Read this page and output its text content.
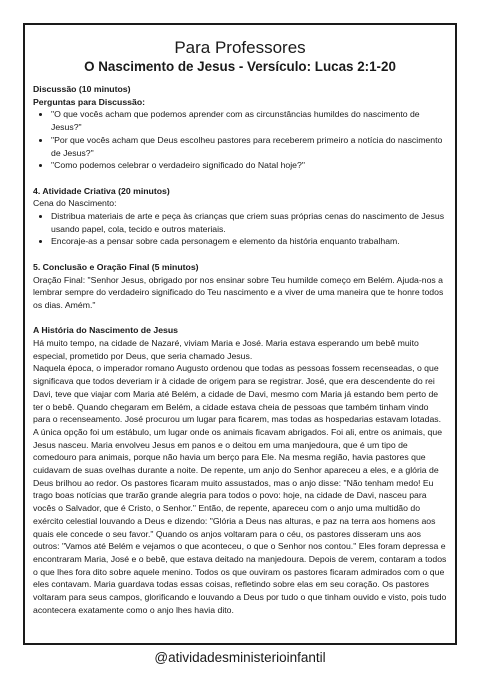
Para Professores
O Nascimento de Jesus - Versículo: Lucas 2:1-20
Discussão (10 minutos)
Perguntas para Discussão:
• "O que vocês acham que podemos aprender com as circunstâncias humildes do nascimento de Jesus?"
• "Por que vocês acham que Deus escolheu pastores para receberem primeiro a notícia do nascimento de Jesus?"
• "Como podemos celebrar o verdadeiro significado do Natal hoje?"
4. Atividade Criativa (20 minutos)
Cena do Nascimento:
• Distribua materiais de arte e peça às crianças que criem suas próprias cenas do nascimento de Jesus usando papel, cola, tecido e outros materiais.
• Encoraje-as a pensar sobre cada personagem e elemento da história enquanto trabalham.
5. Conclusão e Oração Final (5 minutos)

Oração Final: "Senhor Jesus, obrigado por nos ensinar sobre Teu humilde começo em Belém. Ajuda-nos a lembrar sempre do verdadeiro significado do Teu nascimento e a viver de uma maneira que te honre todos os dias. Amém."

A História do Nascimento de Jesus

Há muito tempo, na cidade de Nazaré, viviam Maria e José. Maria estava esperando um bebê muito especial, prometido por Deus, que seria chamado Jesus.

Naquela época, o imperador romano Augusto ordenou que todas as pessoas fossem recenseadas, o que significava que todos deveriam ir à cidade de origem para se registrar. José, que era descendente do rei Davi, teve que viajar com Maria até Belém, a cidade de Davi, mesmo com Maria já estando bem perto de ter o bebê. Quando chegaram em Belém, a cidade estava cheia de pessoas que também tinham vindo para o recenseamento. José procurou um lugar para ficarem, mas todas as hospedarias estavam lotadas. A única opção foi um estábulo, um lugar onde os animais ficavam abrigados. Foi ali, entre os animais, que Jesus nasceu. Maria envolveu Jesus em panos e o deitou em uma manjedoura, que é um tipo de comedouro para animais, porque não havia um berço para Ele. Na mesma região, havia pastores que cuidavam de suas ovelhas durante a noite. De repente, um anjo do Senhor apareceu a eles, e a glória de Deus brilhou ao redor. Os pastores ficaram muito assustados, mas o anjo disse: "Não tenham medo! Eu trago boas notícias que trarão grande alegria para todos o povo: hoje, na cidade de Davi, nasceu para vocês o Salvador, que é Cristo, o Senhor." Então, de repente, apareceu com o anjo uma multidão do exército celestial louvando a Deus e dizendo: "Glória a Deus nas alturas, e paz na terra aos homens aos quais ele concede o seu favor." Quando os anjos voltaram para o céu, os pastores disseram uns aos outros: "Vamos até Belém e vejamos o que aconteceu, o que o Senhor nos contou." Eles foram depressa e encontraram Maria, José e o bebê, que estava deitado na manjedoura. Depois de verem, contaram a todos o que lhes fora dito sobre aquele menino. Todos os que ouviram os pastores ficaram admirados com o que eles contavam. Maria guardava todas essas coisas, refletindo sobre elas em seu coração. Os pastores voltaram para seus campos, glorificando e louvando a Deus por tudo o que tinham ouvido e visto, pois tudo acontecera exatamente como o anjo lhes havia dito.

@atividadesministerioinfantil
